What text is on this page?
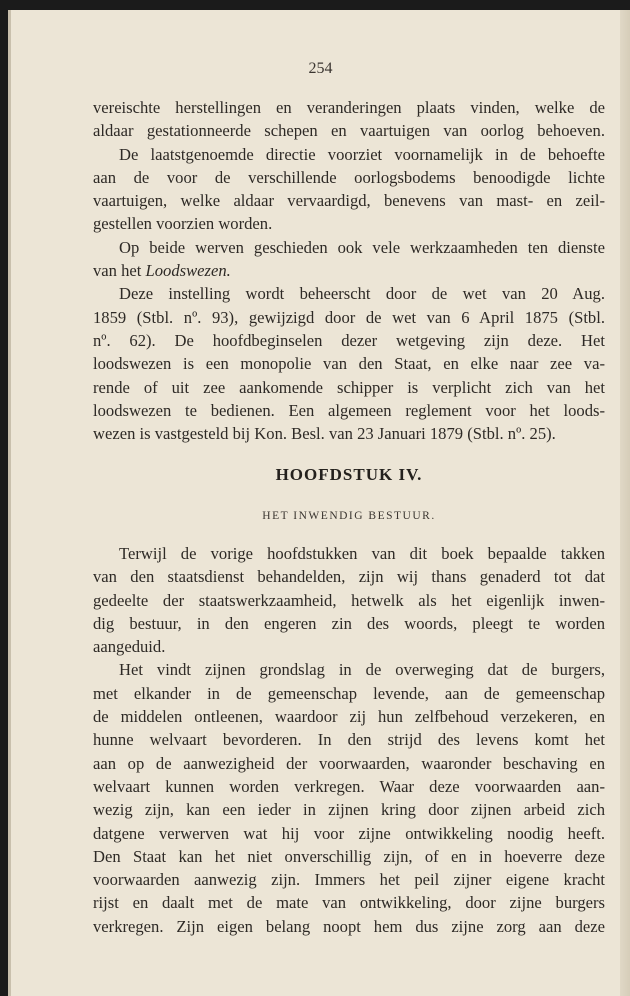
254
vereischte herstellingen en veranderingen plaats vinden, welke de
aldaar gestationneerde schepen en vaartuigen van oorlog behoeven.
De laatstgenoemde directie voorziet voornamelijk in de behoefte
aan de voor de verschillende oorlogsbodems benoodigde lichte
vaartuigen, welke aldaar vervaardigd, benevens van mast- en zeil-
gestellen voorzien worden.
Op beide werven geschieden ook vele werkzaamheden ten dienste
van het Loodswezen.
Deze instelling wordt beheerscht door de wet van 20 Aug.
1859 (Stbl. nº. 93), gewijzigd door de wet van 6 April 1875 (Stbl.
nº. 62). De hoofdbeginselen dezer wetgeving zijn deze. Het
loodswezen is een monopolie van den Staat, en elke naar zee va-
rende of uit zee aankomende schipper is verplicht zich van het
loodswezen te bedienen. Een algemeen reglement voor het loods-
wezen is vastgesteld bij Kon. Besl. van 23 Januari 1879 (Stbl. nº. 25).
HOOFDSTUK IV.
HET INWENDIG BESTUUR.
Terwijl de vorige hoofdstukken van dit boek bepaalde takken
van den staatsdienst behandelden, zijn wij thans genaderd tot dat
gedeelte der staatswerkzaamheid, hetwelk als het eigenlijk inwen-
dig bestuur, in den engeren zin des woords, pleegt te worden
aangeduid.
Het vindt zijnen grondslag in de overweging dat de burgers,
met elkander in de gemeenschap levende, aan de gemeenschap
de middelen ontleenen, waardoor zij hun zelfbehoud verzekeren, en
hunne welvaart bevorderen. In den strijd des levens komt het
aan op de aanwezigheid der voorwaarden, waaronder beschaving en
welvaart kunnen worden verkregen. Waar deze voorwaarden aan-
wezig zijn, kan een ieder in zijnen kring door zijnen arbeid zich
datgene verwerven wat hij voor zijne ontwikkeling noodig heeft.
Den Staat kan het niet onverschillig zijn, of en in hoeverre deze
voorwaarden aanwezig zijn. Immers het peil zijner eigene kracht
rijst en daalt met de mate van ontwikkeling, door zijne burgers
verkregen. Zijn eigen belang noopt hem dus zijne zorg aan deze
